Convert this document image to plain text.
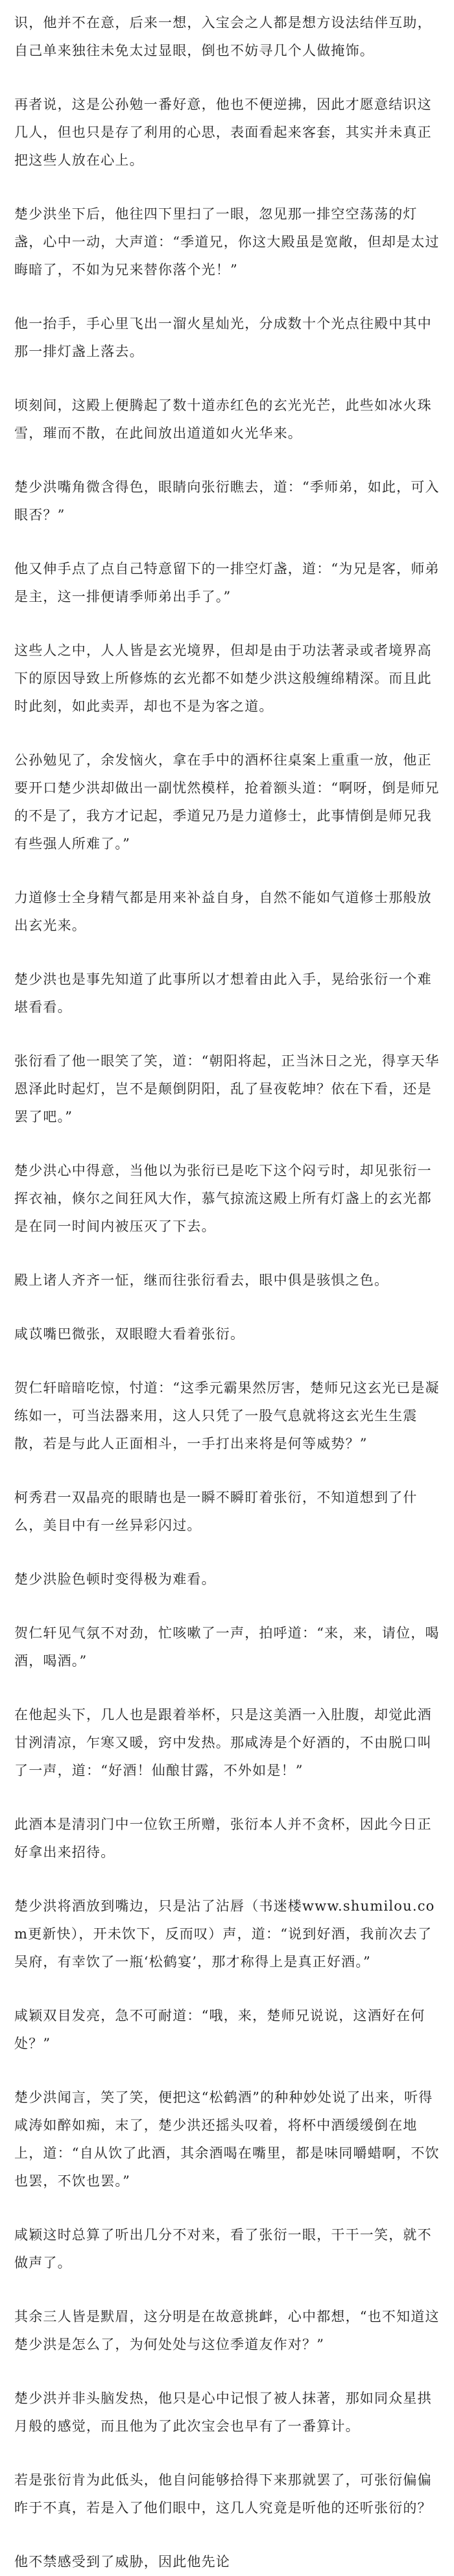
识，他并不在意，后来一想，入宝会之人都是想方设法结伴互助，自己单来独往未免太过显眼，倒也不妨寻几个人做掩饰。

再者说，这是公孙勉一番好意，他也不便逆拂，因此才愿意结识这几人，但也只是存了利用的心思，表面看起来客套，其实并未真正把这些人放在心上。

楚少洪坐下后，他往四下里扫了一眼，忽见那一排空空荡荡的灯盏，心中一动，大声道：“季道兄，你这大殿虽是宽敞，但却是太过晦暗了，不如为兄来替你落个光！”

他一抬手，手心里飞出一溜火星灿光，分成数十个光点往殿中其中那一排灯盏上落去。

顷刻间，这殿上便腾起了数十道赤红色的玄光光芒，此些如冰火珠雪，璀而不散，在此间放出道道如火光华来。

楚少洪嘴角微含得色，眼睛向张衍瞧去，道：“季师弟，如此，可入眼否？”

他又伸手点了点自己特意留下的一排空灯盏，道：“为兄是客，师弟是主，这一排便请季师弟出手了。”

这些人之中，人人皆是玄光境界，但却是由于功法著录或者境界高下的原因导致上所修炼的玄光都不如楚少洪这般缠绵精深。而且此时此刻，如此卖弄，却也不是为客之道。

公孙勉见了，余发恼火，拿在手中的酒杯往桌案上重重一放，他正要开口楚少洪却做出一副忧然模样，抢着额头道：“啊呀，倒是师兄的不是了，我方才记起，季道兄乃是力道修士，此事情倒是师兄我有些强人所难了。”

力道修士全身精气都是用来补益自身，自然不能如气道修士那般放出玄光来。

楚少洪也是事先知道了此事所以才想着由此入手，晃给张衍一个难堪看看。

张衍看了他一眼笑了笑，道：“朝阳将起，正当沐日之光，得享天华恩泽此时起灯，岂不是颠倒阴阳，乱了昼夜乾坤？依在下看，还是罢了吧。”

楚少洪心中得意，当他以为张衍已是吃下这个闷亏时，却见张衍一挥衣袖，倏尔之间狂风大作，慕气掠流这殿上所有灯盏上的玄光都是在同一时间内被压灭了下去。

殿上诸人齐齐一怔，继而往张衍看去，眼中俱是骇惧之色。

咸苡嘴巴微张，双眼瞪大看着张衍。

贺仁轩暗暗吃惊，忖道：“这季元霸果然厉害，楚师兄这玄光已是凝练如一，可当法器来用，这人只凭了一股气息就将这玄光生生震散，若是与此人正面相斗，一手打出来将是何等威势？”

柯秀君一双晶亮的眼睛也是一瞬不瞬盯着张衍，不知道想到了什么，美目中有一丝异彩闪过。

楚少洪脸色顿时变得极为难看。

贺仁轩见气氛不对劲，忙咳嗽了一声，拍呼道：“来，来，请位，喝酒，喝酒。”

在他起头下，几人也是跟着举杯，只是这美酒一入肚腹，却觉此酒甘洌清凉，乍寒又暖，窍中发热。那咸涛是个好酒的，不由脱口叫了一声，道：“好酒！仙酿甘露，不外如是！”

此酒本是清羽门中一位钦王所赠，张衍本人并不贪杯，因此今日正好拿出来招待。

楚少洪将酒放到嘴边，只是沾了沾唇（书迷楼www.shumilou.com更新快），开未饮下，反而叹）声，道：“说到好酒，我前次去了吴府，有幸饮了一瓶‘松鹤宴’，那才称得上是真正好酒。”

咸颖双目发亮，急不可耐道：“哦，来，楚师兄说说，这酒好在何处？”

楚少洪闻言，笑了笑，便把这“松鹤酒”的种种妙处说了出来，听得咸涛如醉如痴，末了，楚少洪还摇头叹着，将杯中酒缓缓倒在地上，道：“自从饮了此酒，其余酒喝在嘴里，都是味同嚼蜡啊，不饮也罢，不饮也罢。”

咸颖这时总算了听出几分不对来，看了张衍一眼，干干一笑，就不做声了。

其余三人皆是默眉，这分明是在故意挑衅，心中都想，“也不知道这楚少洪是怎么了，为何处处与这位季道友作对？”

楚少洪并非头脑发热，他只是心中记恨了被人抹著，那如同众星拱月般的感觉，而且他为了此次宝会也早有了一番算计。

若是张衍肯为此低头，他自问能够拾得下来那就罢了，可张衍偏偏昨于不真，若是入了他们眼中，这几人究竟是听他的还听张衍的？

他不禁感受到了威胁，因此他先论
